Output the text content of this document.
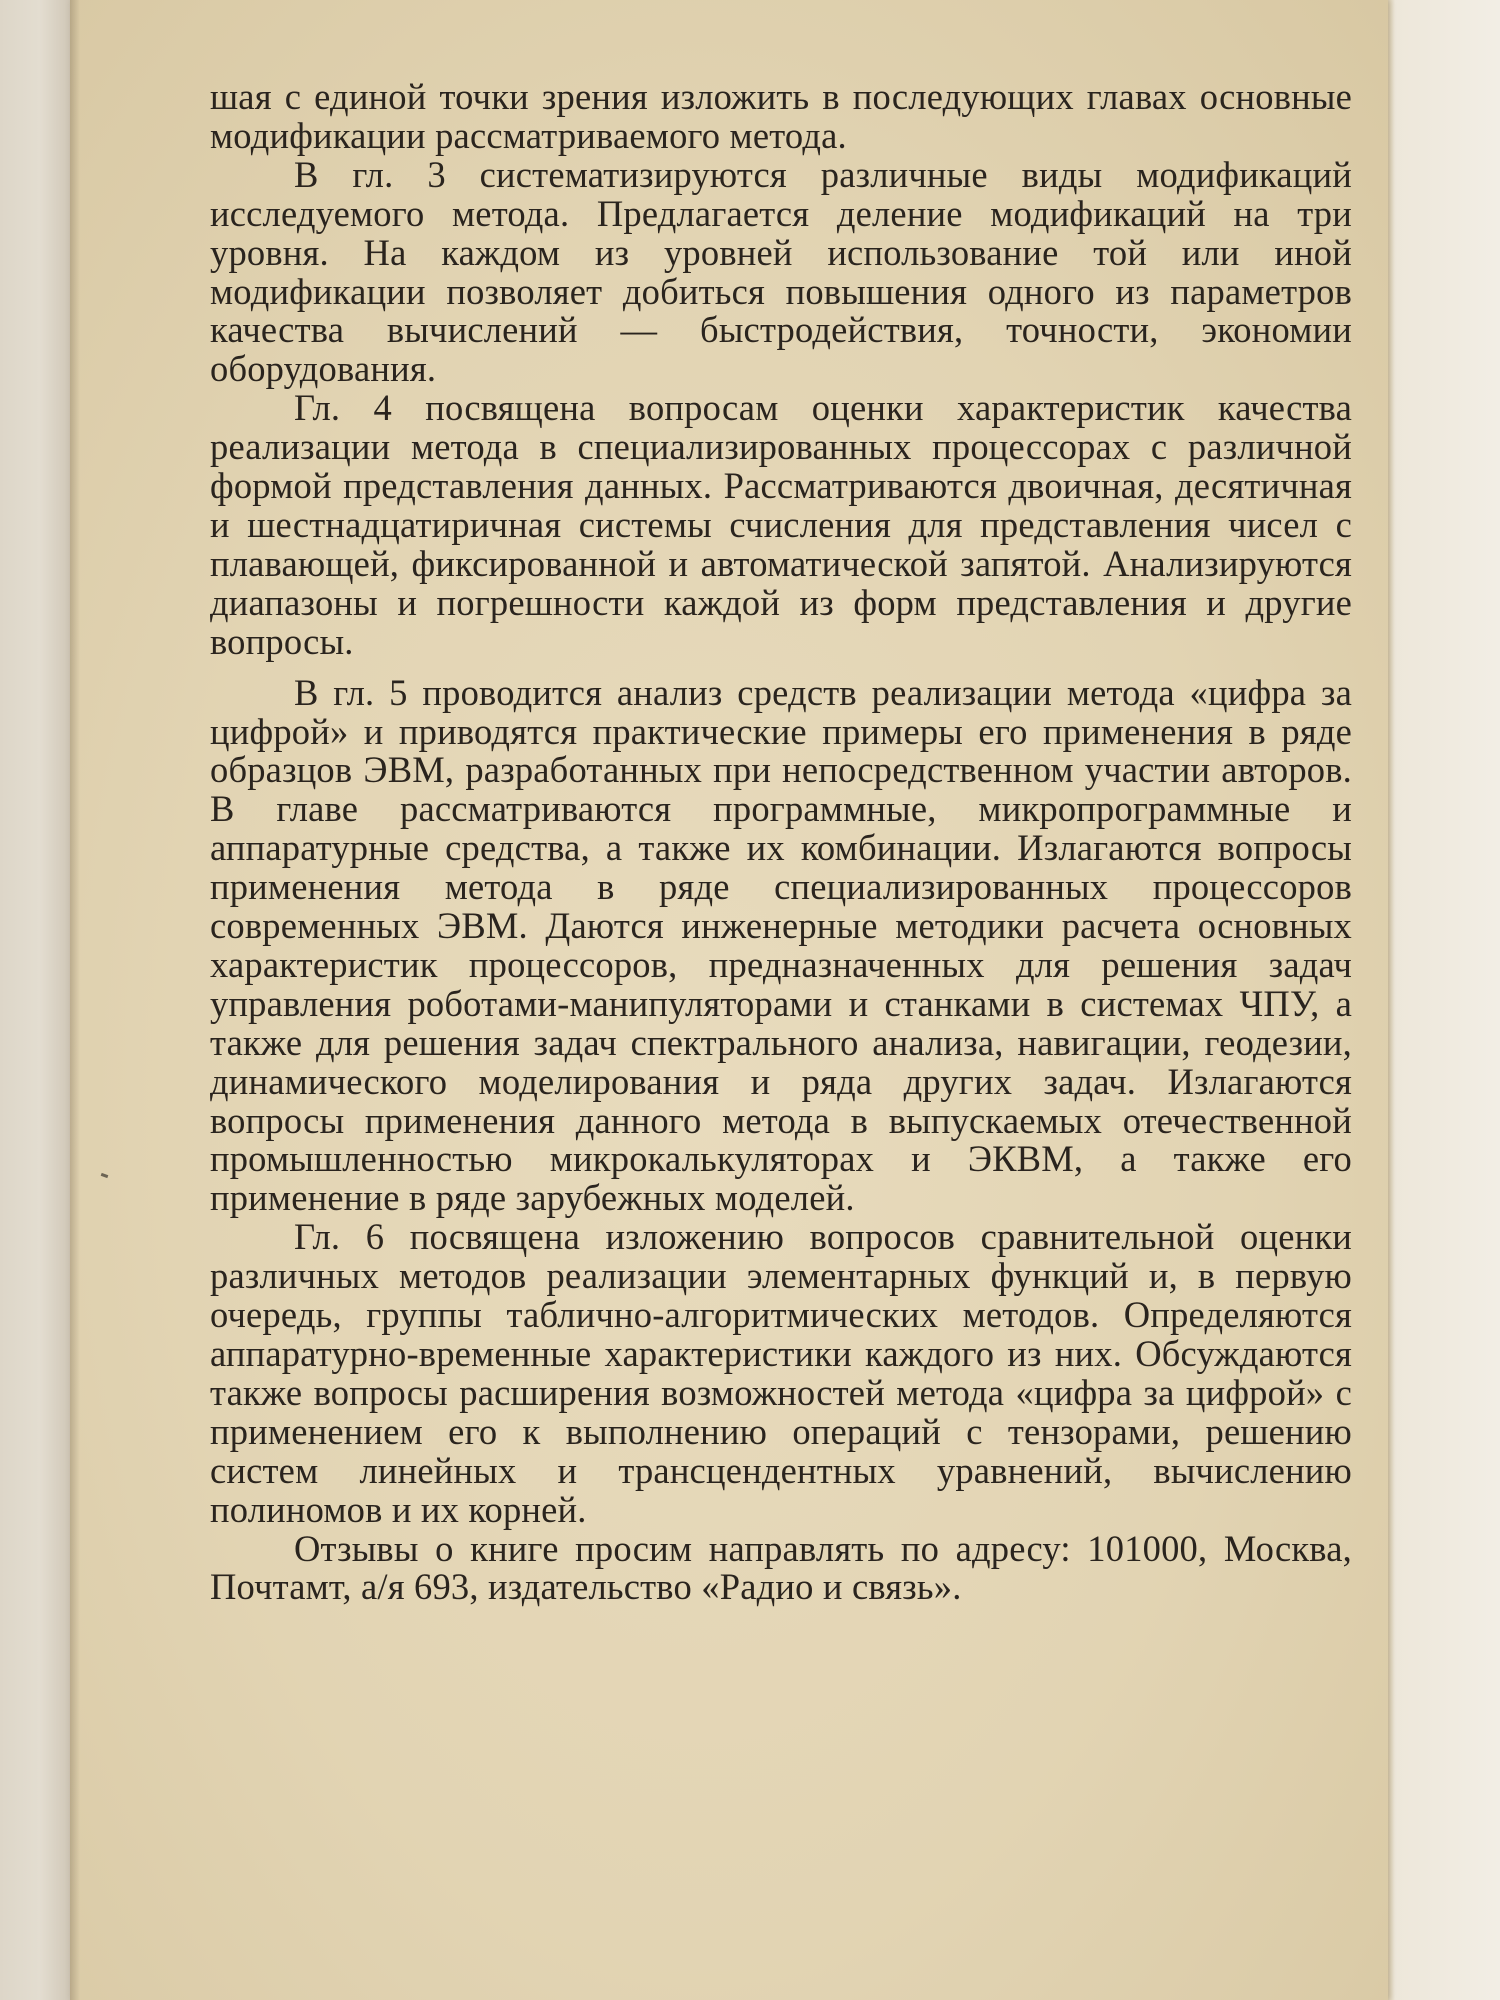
шая с единой точки зрения изложить в последующих главах основные модификации рассматриваемого метода.

В гл. 3 систематизируются различные виды модификаций исследуемого метода. Предлагается деление модификаций на три уровня. На каждом из уровней использование той или иной модификации позволяет добиться повышения одного из параметров качества вычислений — быстродействия, точности, экономии оборудования.

Гл. 4 посвящена вопросам оценки характеристик качества реализации метода в специализированных процессорах с различной формой представления данных. Рассматриваются двоичная, десятичная и шестнадцатиричная системы счисления для представления чисел с плавающей, фиксированной и автоматической запятой. Анализируются диапазоны и погрешности каждой из форм представления и другие вопросы.

В гл. 5 проводится анализ средств реализации метода «цифра за цифрой» и приводятся практические примеры его применения в ряде образцов ЭВМ, разработанных при непосредственном участии авторов. В главе рассматриваются программные, микропрограммные и аппаратурные средства, а также их комбинации. Излагаются вопросы применения метода в ряде специализированных процессоров современных ЭВМ. Даются инженерные методики расчета основных характеристик процессоров, предназначенных для решения задач управления роботами-манипуляторами и станками в системах ЧПУ, а также для решения задач спектрального анализа, навигации, геодезии, динамического моделирования и ряда других задач. Излагаются вопросы применения данного метода в выпускаемых отечественной промышленностью микрокалькуляторах и ЭКВМ, а также его применение в ряде зарубежных моделей.

Гл. 6 посвящена изложению вопросов сравнительной оценки различных методов реализации элементарных функций и, в первую очередь, группы таблично-алгоритмических методов. Определяются аппаратурно-временные характеристики каждого из них. Обсуждаются также вопросы расширения возможностей метода «цифра за цифрой» с применением его к выполнению операций с тензорами, решению систем линейных и трансцендентных уравнений, вычислению полиномов и их корней.

Отзывы о книге просим направлять по адресу: 101000, Москва, Почтамт, а/я 693, издательство «Радио и связь».
